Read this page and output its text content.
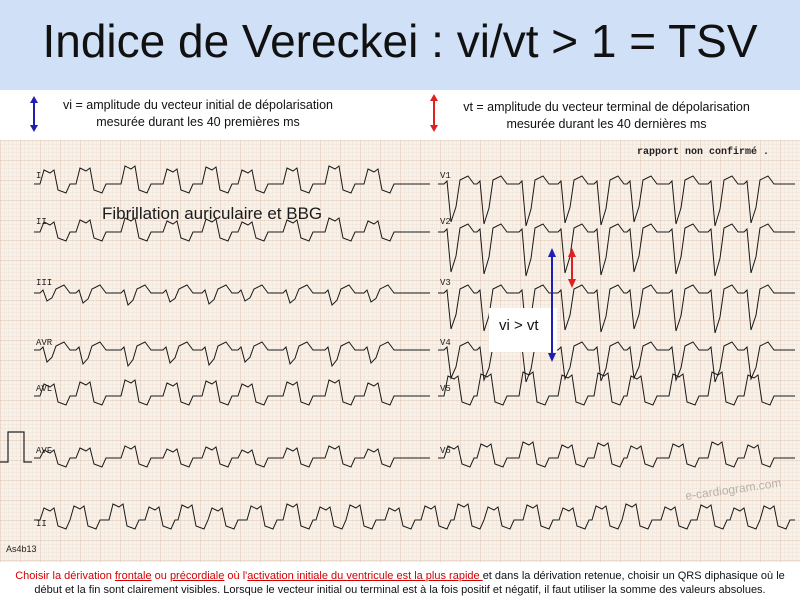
Indice de Vereckei : vi/vt > 1 = TSV
vi = amplitude du vecteur initial de dépolarisation
mesurée durant les 40 premières ms
vt = amplitude du vecteur terminal de dépolarisation
mesurée durant les 40 dernières ms
rapport non confirmé .
I
II
III
AVR
AVL
AVF
II
V1
V2
V3
V4
V5
V6
Fibrillation auriculaire et BBG
vi > vt
e-cardiogram.com
As4b13
Choisir la dérivation frontale ou précordiale où l'activation initiale du ventricule est la plus rapide et dans la dérivation retenue, choisir un QRS diphasique où le début et la fin sont clairement visibles. Lorsque le vecteur initial ou terminal est à la fois positif et négatif, il faut utiliser la somme des valeurs absolues.
